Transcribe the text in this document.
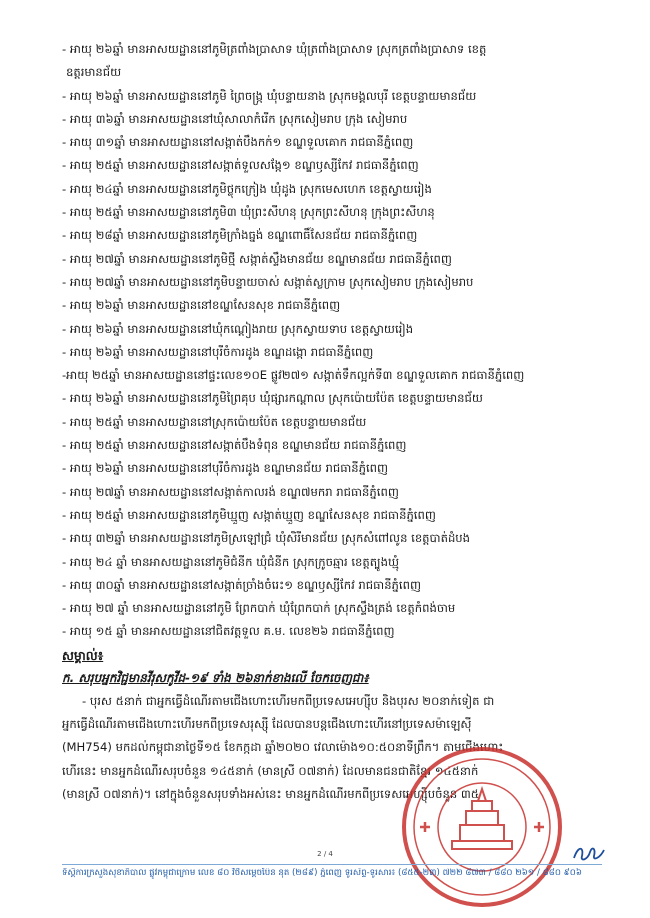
- អាយុ ២៦ឆ្នាំ មានអាសយដ្ឋាននៅភូមិត្រពាំងប្រាសាទ ឃុំត្រពាំងប្រាសាទ ស្រុកត្រពាំងប្រាសាទ ខេត្ត
ឧត្តរមានជ័យ
- អាយុ ២៦ឆ្នាំ មានអាសយដ្ឋាននៅភូមិ ព្រៃចង្ក្រ ឃុំបន្ទាយនាង ស្រុកមង្គលបុរី ខេត្តបន្ទាយមានជ័យ
- អាយុ ៣៦ឆ្នាំ មានអាសយដ្ឋាននៅឃុំសាលាកំរើក ស្រុកសៀមរាប ក្រុង សៀមរាប
- អាយុ ៣១ឆ្នាំ មានអាសយដ្ឋាននៅសង្កាត់បឹងកក់១ ខណ្ឌទួលគោក រាជធានីភ្នំពេញ
- អាយុ ២៥ឆ្នាំ មានអាសយដ្ឋាននៅសង្កាត់ទួលសង្កែ១ ខណ្ឌឫស្សីកែវ រាជធានីភ្នំពេញ
- អាយុ ២៤ឆ្នាំ មានអាសយដ្ឋាននៅភូមិថ្លុកក្រៀង ឃុំដូង ស្រុកមេសហេក ខេត្តស្វាយរៀង
- អាយុ ២៥ឆ្នាំ មានអាសយដ្ឋាននៅភូមិ៣ ឃុំព្រះសីហនុ ស្រុកព្រះសីហនុ ក្រុងព្រះសីហនុ
- អាយុ ២៨ឆ្នាំ មានអាសយដ្ឋាននៅភូមិក្រាំងធ្នង់ ខណ្ឌពោធិ៍សែនជ័យ រាជធានីភ្នំពេញ
- អាយុ ២៧ឆ្នាំ មានអាសយដ្ឋាននៅភូមិថ្មី សង្កាត់ស្ទឹងមានជ័យ ខណ្ឌមានជ័យ រាជធានីភ្នំពេញ
- អាយុ ២៧ឆ្នាំ មានអាសយដ្ឋាននៅភូមិបន្ទាយចាស់ សង្កាត់ស្លក្រាម ស្រុកសៀមរាប ក្រុងសៀមរាប
- អាយុ ២៦ឆ្នាំ មានអាសយដ្ឋាននៅខណ្ឌសែនសុខ រាជធានីភ្នំពេញ
- អាយុ ២៦ឆ្នាំ មានអាសយដ្ឋាននៅឃុំកណ្ដៀងរាយ ស្រុកស្វាយទាប ខេត្តស្វាយរៀង
- អាយុ ២៦ឆ្នាំ មានអាសយដ្ឋាននៅបុរីចំការដូង ខណ្ឌដង្កោ រាជធានីភ្នំពេញ
-អាយុ ២៥ឆ្នាំ មានអាសយដ្ឋាននៅផ្ទះលេខ១០E ផ្លូវ២៧១ សង្កាត់ទឹកល្អក់ទី៣ ខណ្ឌទួលគោក រាជធានីភ្នំពេញ
- អាយុ ២៦ឆ្នាំ មានអាសយដ្ឋាននៅភូមិព្រៃគុប ឃុំផ្សារកណ្ដាល ស្រុកប៉ោយប៉ែត ខេត្តបន្ទាយមានជ័យ
- អាយុ ២៥ឆ្នាំ មានអាសយដ្ឋាននៅស្រុកប៉ោយប៉ែត ខេត្តបន្ទាយមានជ័យ
- អាយុ ២៥ឆ្នាំ មានអាសយដ្ឋាននៅសង្កាត់បឹងទំពុន ខណ្ឌមានជ័យ រាជធានីភ្នំពេញ
- អាយុ ២៦ឆ្នាំ មានអាសយដ្ឋាននៅបុរីចំការដូង ខណ្ឌមានជ័យ រាជធានីភ្នំពេញ
- អាយុ ២៧ឆ្នាំ មានអាសយដ្ឋាននៅសង្កាត់កាលរង់ ខណ្ឌ៧មករា រាជធានីភ្នំពេញ
- អាយុ ២៥ឆ្នាំ មានអាសយដ្ឋាននៅភូមិឃ្មួញ សង្កាត់ឃ្មួញ ខណ្ឌសែនសុខ រាជធានីភ្នំពេញ
- អាយុ ៣២ឆ្នាំ មានអាសយដ្ឋាននៅភូមិស្រឡៅជ្រំ ឃុំសិរីមានជ័យ ស្រុកសំពៅលូន ខេត្តបាត់ដំបង
- អាយុ ២៤ ឆ្នាំ មានអាសយដ្ឋាននៅភូមិជំនីក ឃុំជំនីក ស្រុកក្រូចឆ្មារ ខេត្តត្បូងឃ្មុំ
- អាយុ ៣០ឆ្នាំ មានអាសយដ្ឋាននៅសង្កាត់ច្រាំងចំរេះ១ ខណ្ឌឫស្សីកែវ រាជធានីភ្នំពេញ
- អាយុ ២៧ ឆ្នាំ មានអាសយដ្ឋាននៅភូមិ ព្រែកបាក់ ឃុំព្រែកបាក់ ស្រុកស្ទឹងត្រង់ ខេត្តកំពង់ចាម
- អាយុ ១៥ ឆ្នាំ មានអាសយដ្ឋាននៅជិតវត្តទួល គ.ម. លេខ២៦ រាជធានីភ្នំពេញ
សម្គាល់៖
ក. សរុបអ្នកវិជ្ជមានវីរុសកូវីដ-១៩ ទាំង ២៦នាក់ខាងលើ ចែកចេញជា៖
- បុរស ៥នាក់ ជាអ្នកធ្វើដំណើរតាមជើងហោះហើរមកពីប្រទេសអេហ្ស៊ីប និងបុរស ២០នាក់ទៀត ជា
អ្នកធ្វើដំណើរតាមជើងហោះហើរមកពីប្រទេសរុស្ស៊ី ដែលបានបន្តជើងហោះហើរនៅប្រទេសម៉ាឡេស៊ី
(MH754) មកដល់កម្ពុជានាថ្ងៃទី១៥ ខែកក្កដា ឆ្នាំ២០២០ វេលាម៉ោង១០:៥០នាទីព្រឹក។ តាមជើងហោះ
ហើរនេះ មានអ្នកដំណើរសរុបចំនួន ១៤៥នាក់ (មានស្រី ០៧នាក់) ដែលមានជនជាតិខ្មែរ ១៤៥នាក់
(មានស្រី ០៧នាក់)។ នៅក្នុងចំនួនសរុបទាំងអស់នេះ មានអ្នកដំណើរមកពីប្រទេសអេហ្ស៊ីបចំនួន ៣៥
2 / 4
ទីស្តីការក្រសួងសុខាភិបាល ផ្លូវកម្ពុជាក្រោម លេខ ៨០ វិថីសម្តេចប៉ែន នុត (២៨៩) ភ្នំពេញ ទូរស័ព្ទ-ទូរសារ៖ (៨៥៥-២៣) ៧២២ ៨៧៣ / ៨៨០ ២៦១ / ៨៨០ ៩០៦
